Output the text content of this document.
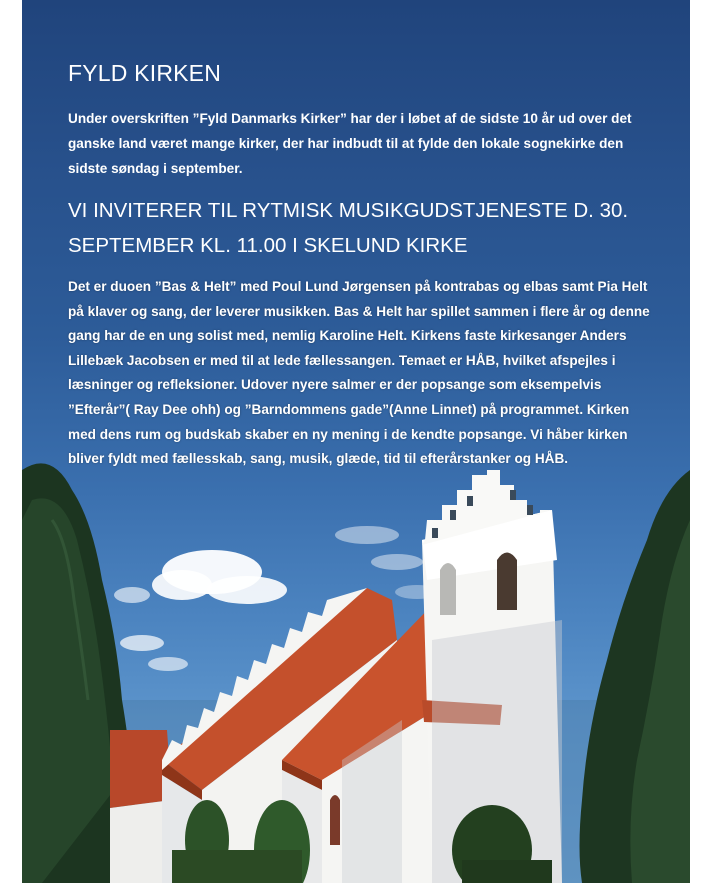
FYLD KIRKEN

Under overskriften ”Fyld Danmarks Kirker” har der i løbet af de sidste 10 år ud over det ganske land været mange kirker, der har indbudt til at fylde den lokale sognekirke den sidste søndag i september.

VI INVITERER TIL RYTMISK MUSIKGUDSTJENESTE D. 30. SEPTEMBER KL. 11.00 I SKELUND KIRKE

Det er duoen ”Bas & Helt” med Poul Lund Jørgensen på kontrabas og elbas samt Pia Helt på klaver og sang, der leverer musikken. Bas & Helt har spillet sammen i flere år og denne gang har de en ung solist med, nemlig Karoline Helt. Kirkens faste kirkesanger Anders Lillebæk Jacobsen er med til at lede fællessangen. Temaet er HÅB, hvilket afspejles i læsninger og refleksioner. Udover nyere salmer er der popsange som eksempelvis ”Efterår”( Ray Dee ohh) og ”Barndommens gade”(Anne Linnet) på programmet. Kirken med dens rum og budskab skaber en ny mening i de kendte popsange. Vi håber kirken bliver fyldt med fællesskab, sang, musik, glæde, tid til efterårstanker og HÅB.
